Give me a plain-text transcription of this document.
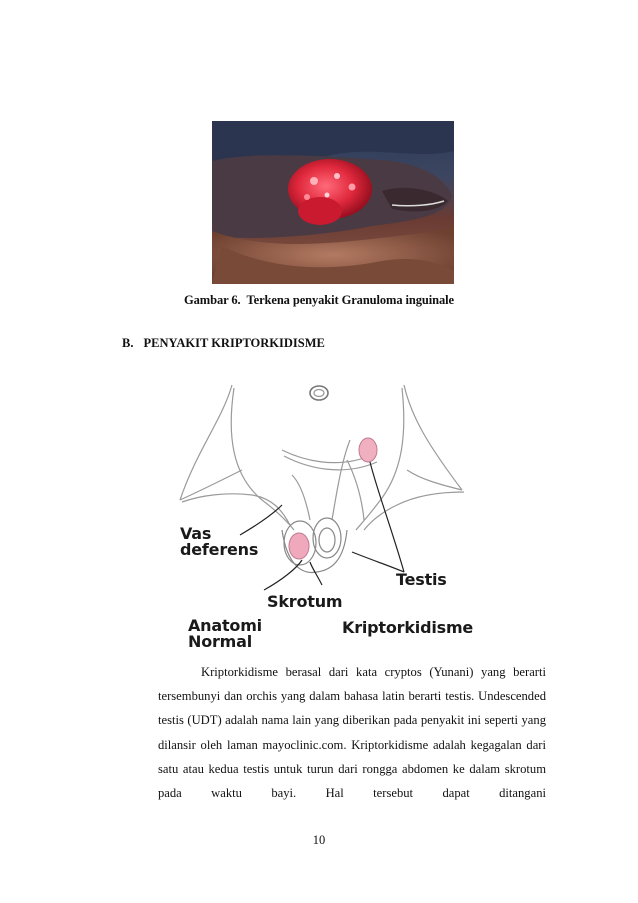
Gambar 6. Terkena penyakit Granuloma inguinale
B. PENYAKIT KRIPTORKIDISME
Vas
deferens
Testis
Skrotum
Anatomi
Normal
Kriptorkidisme

Kriptorkidisme berasal dari kata cryptos (Yunani) yang berarti tersembunyi dan orchis yang dalam bahasa latin berarti testis. Undescended testis (UDT) adalah nama lain yang diberikan pada penyakit ini seperti yang dilansir oleh laman mayoclinic.com. Kriptorkidisme adalah kegagalan dari satu atau kedua testis untuk turun dari rongga abdomen ke dalam skrotum pada waktu bayi. Hal tersebut dapat ditangani

10
